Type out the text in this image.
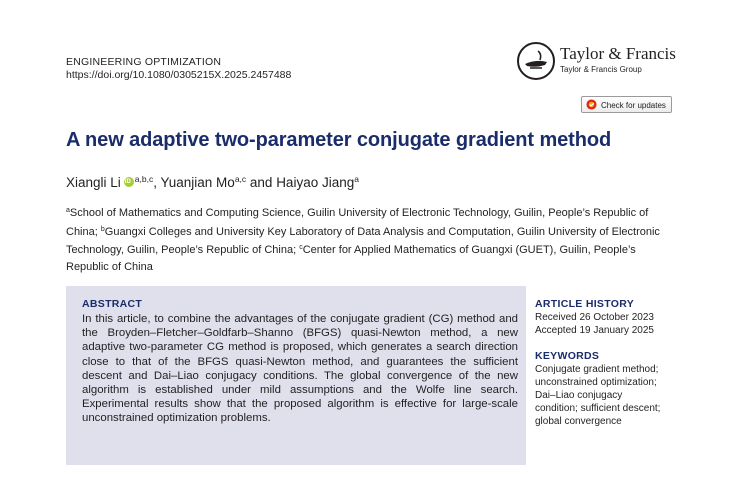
ENGINEERING OPTIMIZATION
https://doi.org/10.1080/0305215X.2025.2457488
Taylor & Francis
Taylor & Francis Group
Check for updates
A new adaptive two-parameter conjugate gradient method
Xiangli LiiD $^{a,b,c}$, Yuanjian Mo$^{a,c}$ and Haiyao Jiang$^a$
$^a$School of Mathematics and Computing Science, Guilin University of Electronic Technology, Guilin, People’s Republic of China; $^b$Guangxi Colleges and University Key Laboratory of Data Analysis and Computation, Guilin University of Electronic Technology, Guilin, People’s Republic of China; $^c$Center for Applied Mathematics of Guangxi (GUET), Guilin, People’s Republic of China
ABSTRACT
In this article, to combine the advantages of the conjugate gradient (CG) method and the Broyden–Fletcher–Goldfarb–Shanno (BFGS) quasi-Newton method, a new adaptive two-parameter CG method is proposed, which generates a search direction close to that of the BFGS quasi-Newton method, and guarantees the sufficient descent and Dai–Liao conjugacy conditions. The global convergence of the new algorithm is established under mild assumptions and the Wolfe line search. Experimental results show that the proposed algorithm is effective for large-scale unconstrained optimization problems.
ARTICLE HISTORY
Received 26 October 2023
Accepted 19 January 2025
KEYWORDS
Conjugate gradient method;
unconstrained optimization;
Dai–Liao conjugacy
condition; sufficient descent;
global convergence
